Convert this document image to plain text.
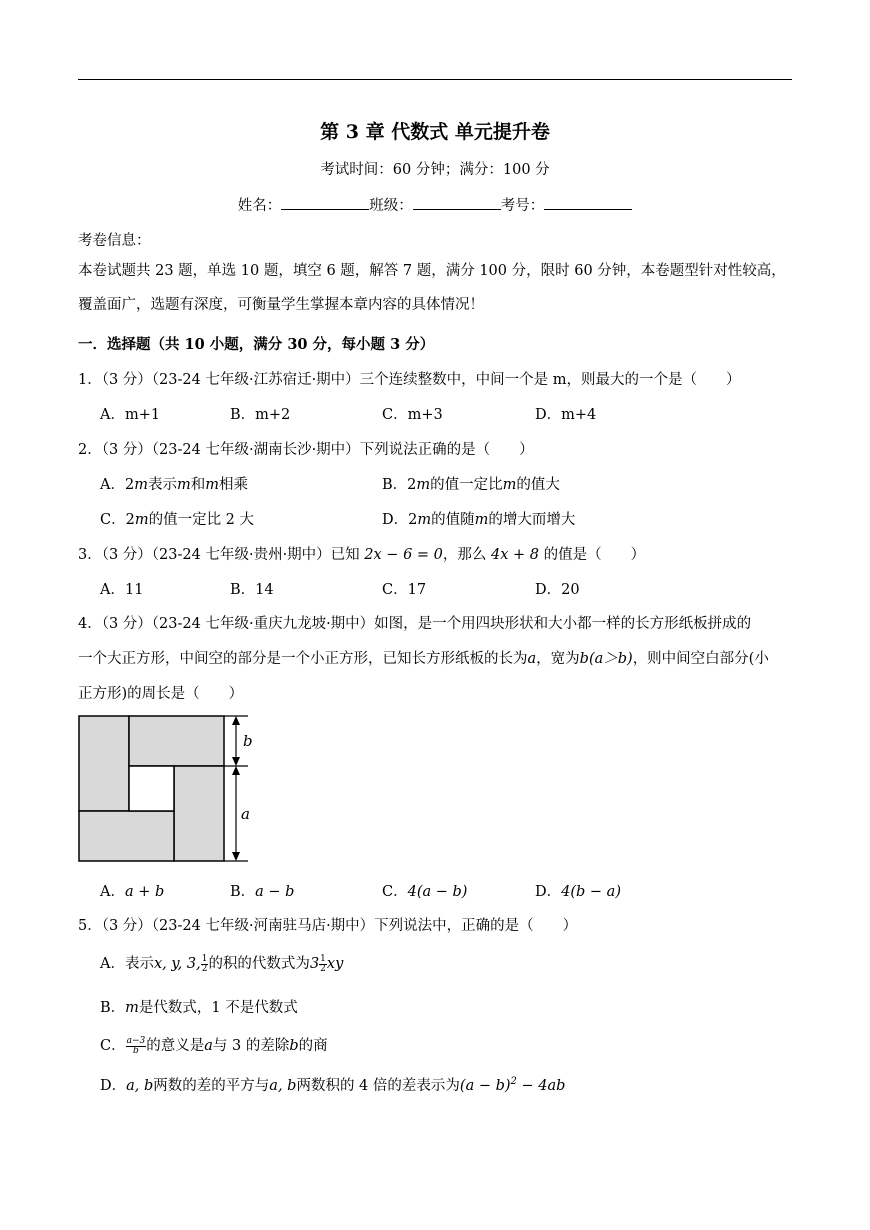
第 3 章 代数式 单元提升卷
考试时间：60 分钟；满分：100 分
姓名：	班级：	考号：
考卷信息：
本卷试题共 23 题，单选 10 题，填空 6 题，解答 7 题，满分 100 分，限时 60 分钟，本卷题型针对性较高，覆盖面广，选题有深度，可衡量学生掌握本章内容的具体情况！
一．选择题（共 10 小题，满分 30 分，每小题 3 分）
1．（3 分）（23-24 七年级·江苏宿迁·期中）三个连续整数中，中间一个是 m，则最大的一个是（　　）
A．m+1	B．m+2	C．m+3	D．m+4
2．（3 分）（23-24 七年级·湖南长沙·期中）下列说法正确的是（　　）
A．2m表示m和m相乘	B．2m的值一定比m的值大
C．2m的值一定比 2 大	D．2m的值随m的增大而增大
3．（3 分）（23-24 七年级·贵州·期中）已知 2x − 6 = 0，那么 4x + 8 的值是（　　）
A．11	B．14	C．17	D．20
4．（3 分）（23-24 七年级·重庆九龙坡·期中）如图，是一个用四块形状和大小都一样的长方形纸板拼成的
一个大正方形，中间空的部分是一个小正方形，已知长方形纸板的长为a，宽为b(a＞b)，则中间空白部分(小
正方形)的周长是（　　）
b
a
A．a + b	B．a − b	C．4(a − b)	D．4(b − a)
5．（3 分）（23-24 七年级·河南驻马店·期中）下列说法中，正确的是（　　）
A．表示x, y, 3, $\frac{1}{2}$ 的积的代数式为$3 \frac{1}{2}$ xy
B．m是代数式，1 不是代数式
C． $\frac{a-3}{b}$ 的意义是a与 3 的差除b的商
D．a, b两数的差的平方与a, b两数积的 4 倍的差表示为$(a - b)^2 - 4ab$
